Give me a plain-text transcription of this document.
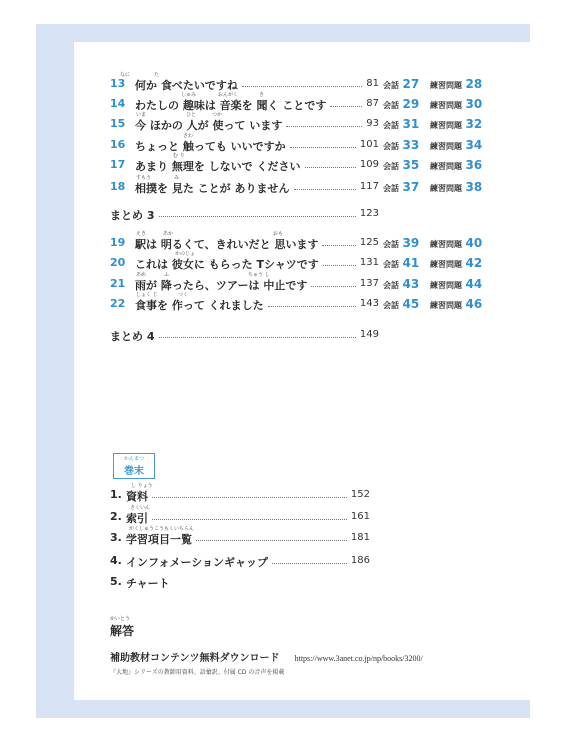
なに	た
13 何か 食べたいですね	81 会話 27 練習問題 28
しゅみ	おんがく	き
14 わたしの 趣味は 音楽を 聞く ことです	87 会話 29 練習問題 30
いま	ひと	つか
15 今 ほかの 人が 使って います	93 会話 31 練習問題 32
さわ
16 ちょっと 触っても いいですか	101 会話 33 練習問題 34
む り
17 あまり 無理を しないで ください	109 会話 35 練習問題 36
すもう	み
18 相撲を 見た ことが ありません	117 会話 37 練習問題 38
えき	あか	おも
19 駅は 明るくて、きれいだと 思います	125 会話 39 練習問題 40
かのじょ
20 これは 彼女に もらった Tシャツです	131 会話 41 練習問題 42
あめ	ふ	ちゅう し
21 雨が 降ったら、ツアーは 中止です	137 会話 43 練習問題 44
しょく じ	つく
22 食事を 作って くれました	143 会話 45 練習問題 46
まとめ 3	123
まとめ 4	149
かんまつ
巻末
し りょう
1. 資料	152
さくいん
2. 索引	161
がくしゅうこうもくいちらん
3. 学習項目一覧	181
4. インフォメーションギャップ	186
5. チャート
かいとう
解答
補助教材コンテンツ無料ダウンロード https://www.3anet.co.jp/np/books/3200/
『大地』シリーズの教師用資料、語彙訳、付属 CD の音声を掲載
